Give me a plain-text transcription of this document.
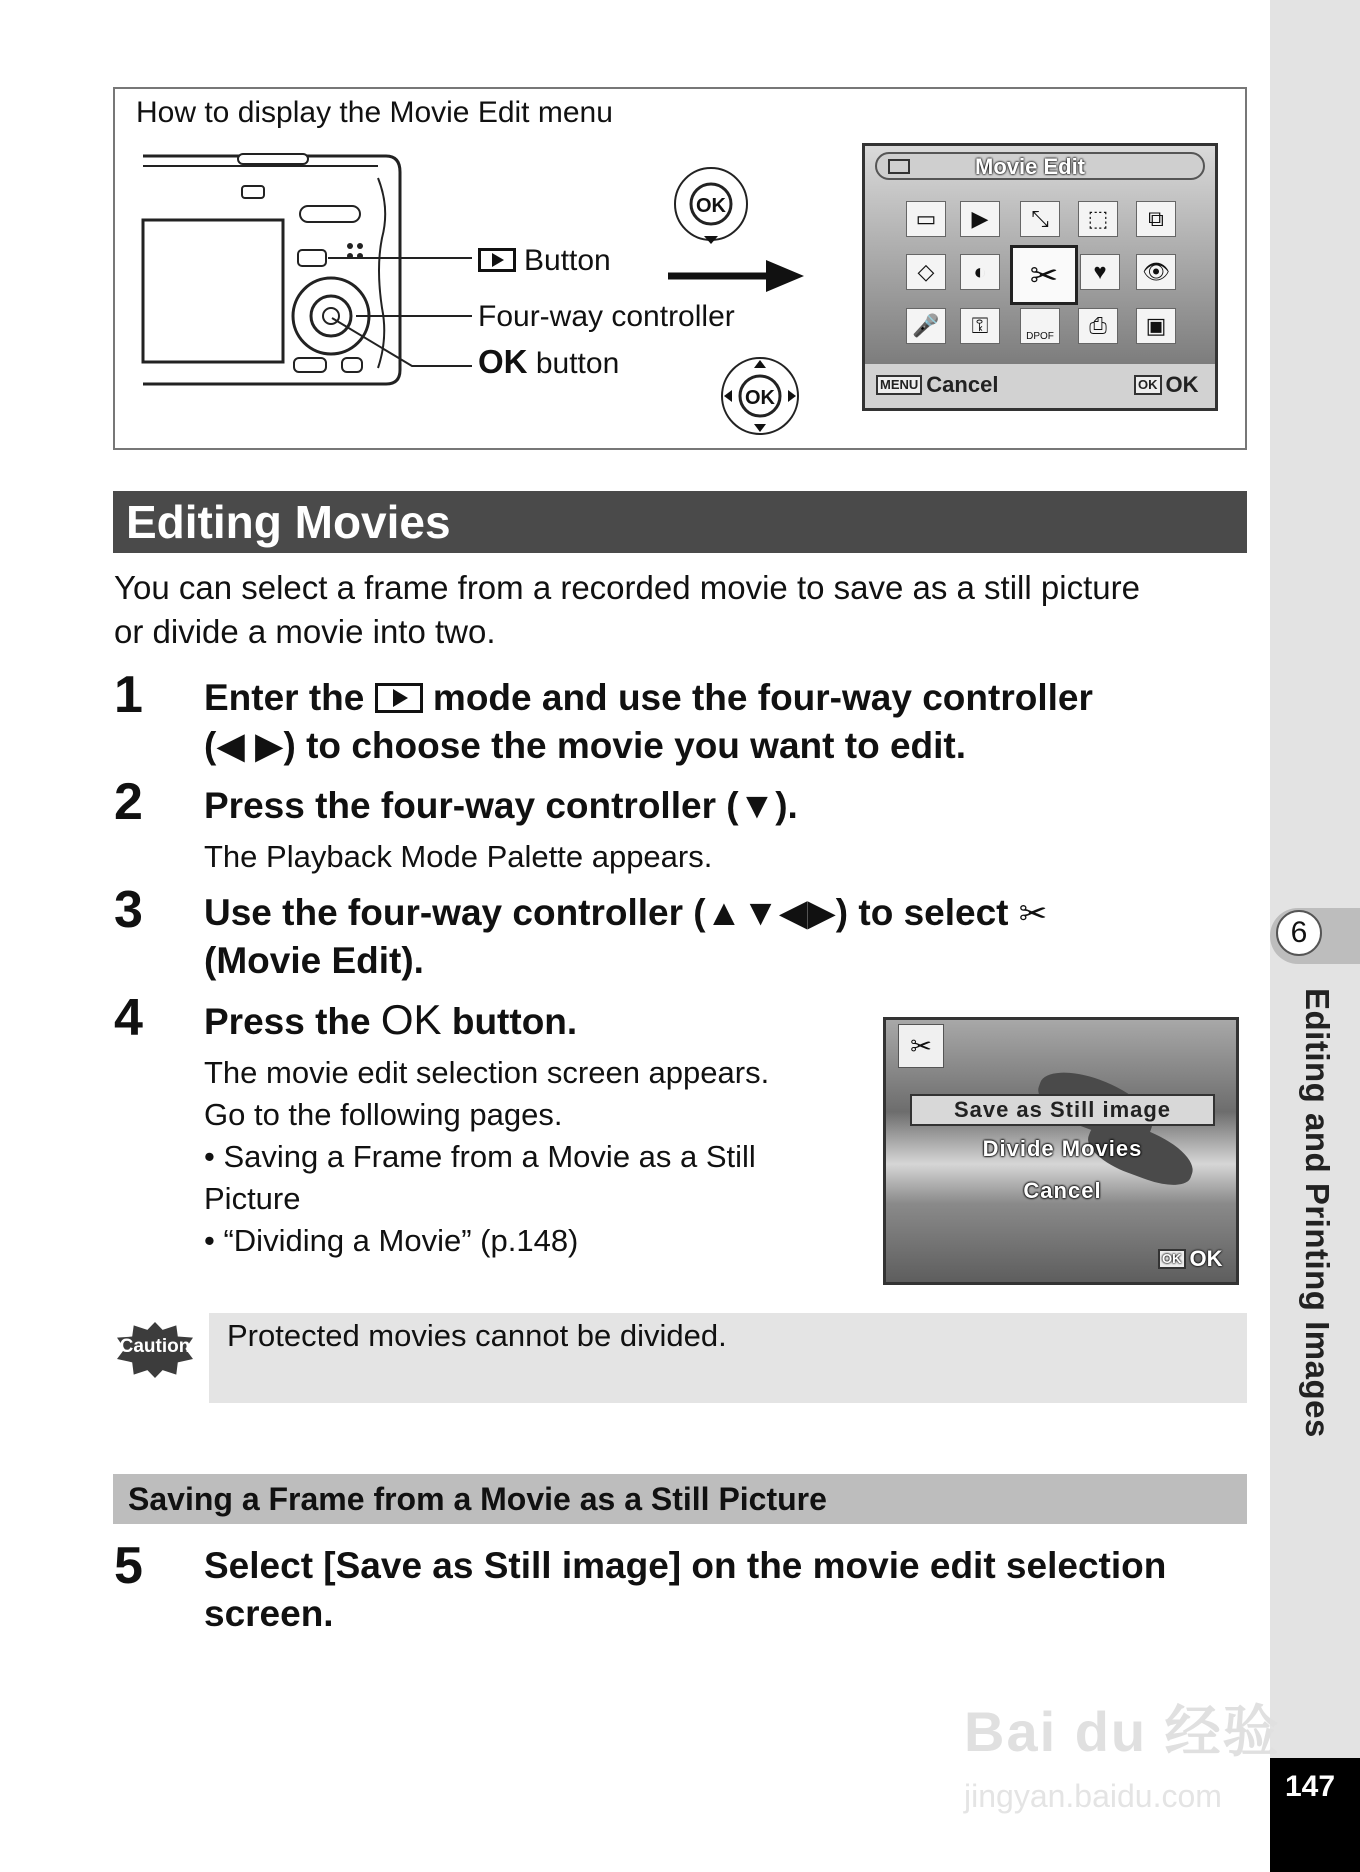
6
Editing and Printing Images
147
How to display the Movie Edit menu
Button
Four-way controller
OK button
OK
OK
Movie Edit
▭	▶	⤡	⬚	⧉
◇	◐	✂	♥	👁
🎤	⚿	DPOF	⎙	▣
MENU Cancel	OK OK
Editing Movies
You can select a frame from a recorded movie to save as a still picture
or divide a movie into two.
1 Enter the mode and use the four-way controller
(◀ ▶) to choose the movie you want to edit.
2 Press the four-way controller (▼).
The Playback Mode Palette appears.
3 Use the four-way controller (▲▼◀▶) to select ✂
(Movie Edit).
4 Press the OK button.
The movie edit selection screen appears.
Go to the following pages.
• Saving a Frame from a Movie as a Still
Picture
• “Dividing a Movie” (p.148)
✂
Save as Still image
Divide Movies
Cancel
OK OK
Caution Protected movies cannot be divided.
Saving a Frame from a Movie as a Still Picture
5 Select [Save as Still image] on the movie edit selection
screen.
Bai du 经验
jingyan.baidu.com
